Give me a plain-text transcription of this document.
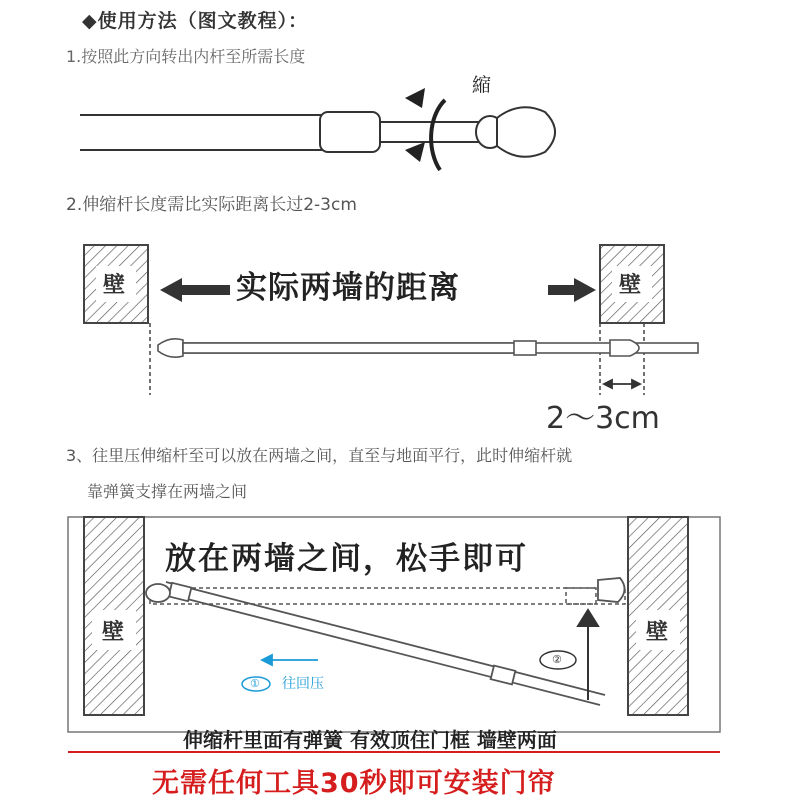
◆使用方法（图文教程）：
1.按照此方向转出内杆至所需长度
縮
2.伸缩杆长度需比实际距离长过2-3cm
壁	壁
实际两墙的距离
2～3cm
3、往里压伸缩杆至可以放在两墙之间，直至与地面平行，此时伸缩杆就
靠弹簧支撑在两墙之间
放在两墙之间，松手即可
壁	壁
① 往回压
②
伸缩杆里面有弹簧 有效顶住门框 墙壁两面
无需任何工具30秒即可安装门帘
